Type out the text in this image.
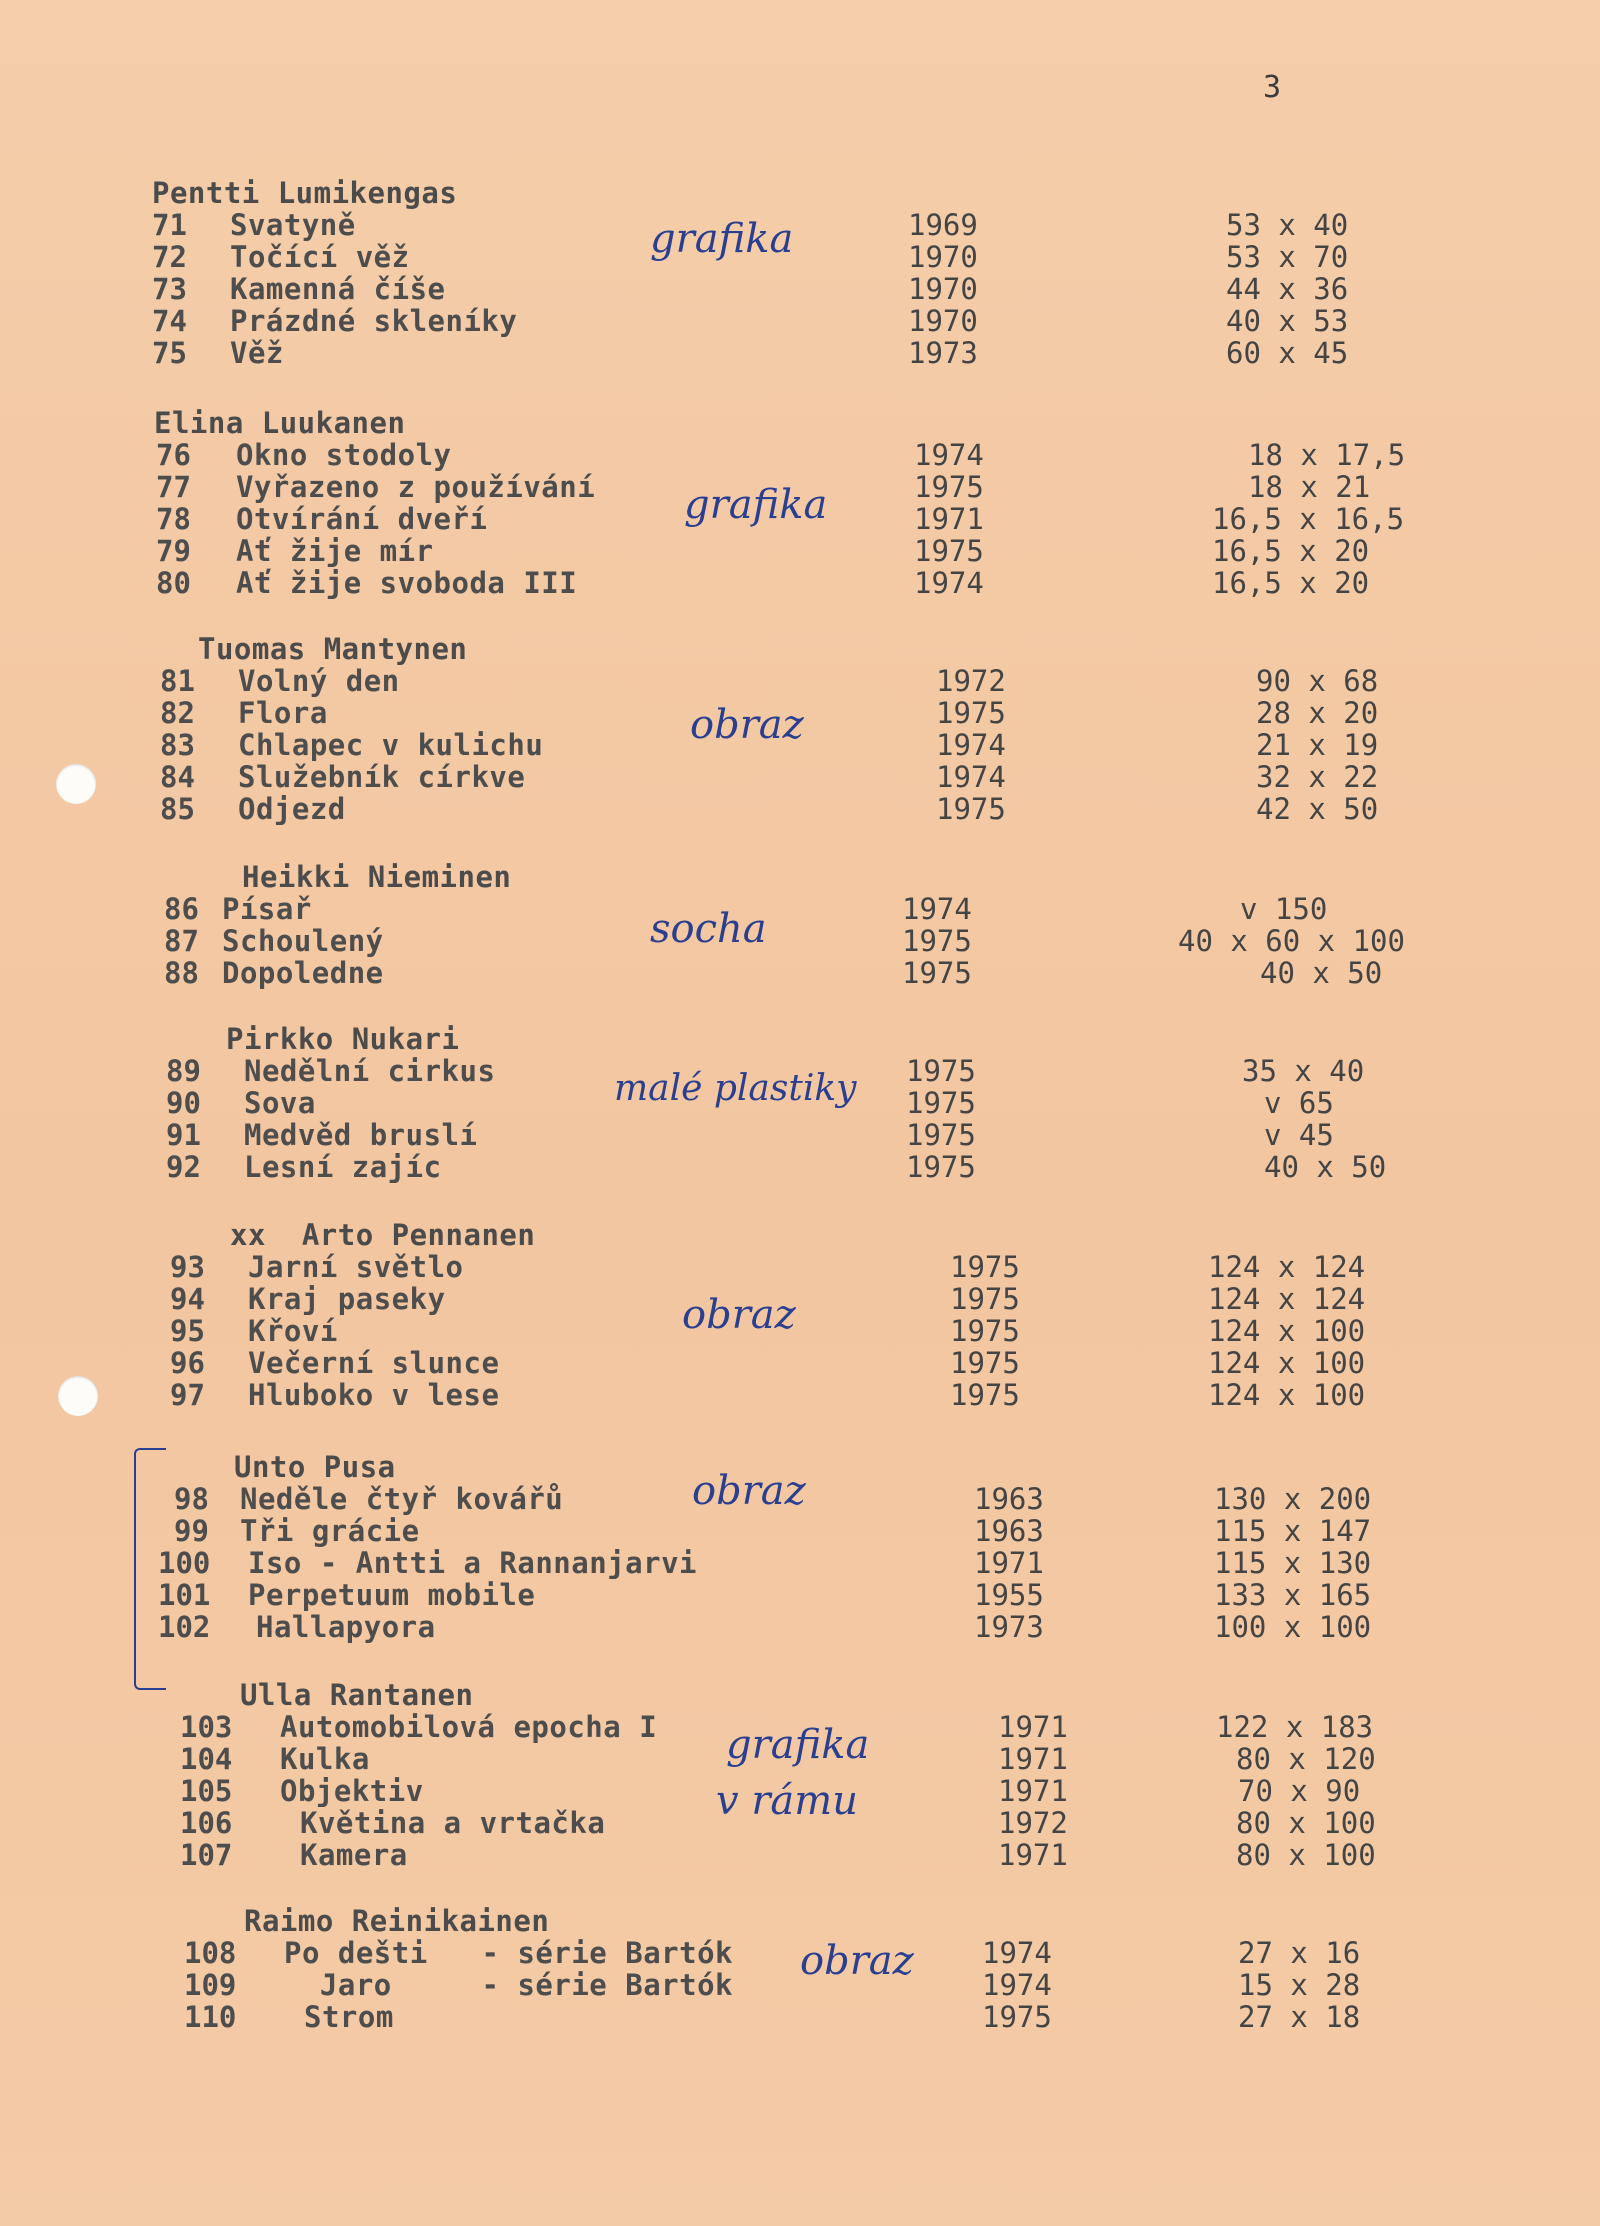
3
Pentti Lumikengas
grafika
71 Svatyně	1969	53 x 40
72 Točící věž	1970	53 x 70
73 Kamenná číše	1970	44 x 36
74 Prázdné skleníky	1970	40 x 53
75 Věž	1973	60 x 45
Elina Luukanen
grafika
76 Okno stodoly	1974	18 x 17,5
77 Vyřazeno z používání	1975	18 x 21
78 Otvírání dveří	1971	16,5 x 16,5
79 Ať žije mír	1975	16,5 x 20
80 Ať žije svoboda III	1974	16,5 x 20
Tuomas Mantynen
obraz
81 Volný den	1972	90 x 68
82 Flora	1975	28 x 20
83 Chlapec v kulichu	1974	21 x 19
84 Služebník církve	1974	32 x 22
85 Odjezd	1975	42 x 50
Heikki Nieminen
socha
86 Písař	1974	v 150
87 Schoulený	1975	40 x 60 x 100
88 Dopoledne	1975	40 x 50
Pirkko Nukari
malé plastiky
89 Nedělní cirkus	1975	35 x 40
90 Sova	1975	v 65
91 Medvěd bruslí	1975	v 45
92 Lesní zajíc	1975	40 x 50
xx Arto Pennanen
obraz
93 Jarní světlo	1975	124 x 124
94 Kraj paseky	1975	124 x 124
95 Křoví	1975	124 x 100
96 Večerní slunce	1975	124 x 100
97 Hluboko v lese	1975	124 x 100
Unto Pusa
obraz
98 Neděle čtyř kovářů	1963	130 x 200
99 Tři grácie	1963	115 x 147
100 Iso - Antti a Rannanjarvi	1971	115 x 130
101 Perpetuum mobile	1955	133 x 165
102 Hallapyora	1973	100 x 100
Ulla Rantanen
grafika
v rámu
103 Automobilová epocha I	1971	122 x 183
104 Kulka	1971	80 x 120
105 Objektiv	1971	70 x 90
106 Květina a vrtačka	1972	80 x 100
107 Kamera	1971	80 x 100
Raimo Reinikainen
obraz
108 Po dešti   - série Bartók	1974	27 x 16
109 Jaro     - série Bartók	1974	15 x 28
110 Strom	1975	27 x 18
